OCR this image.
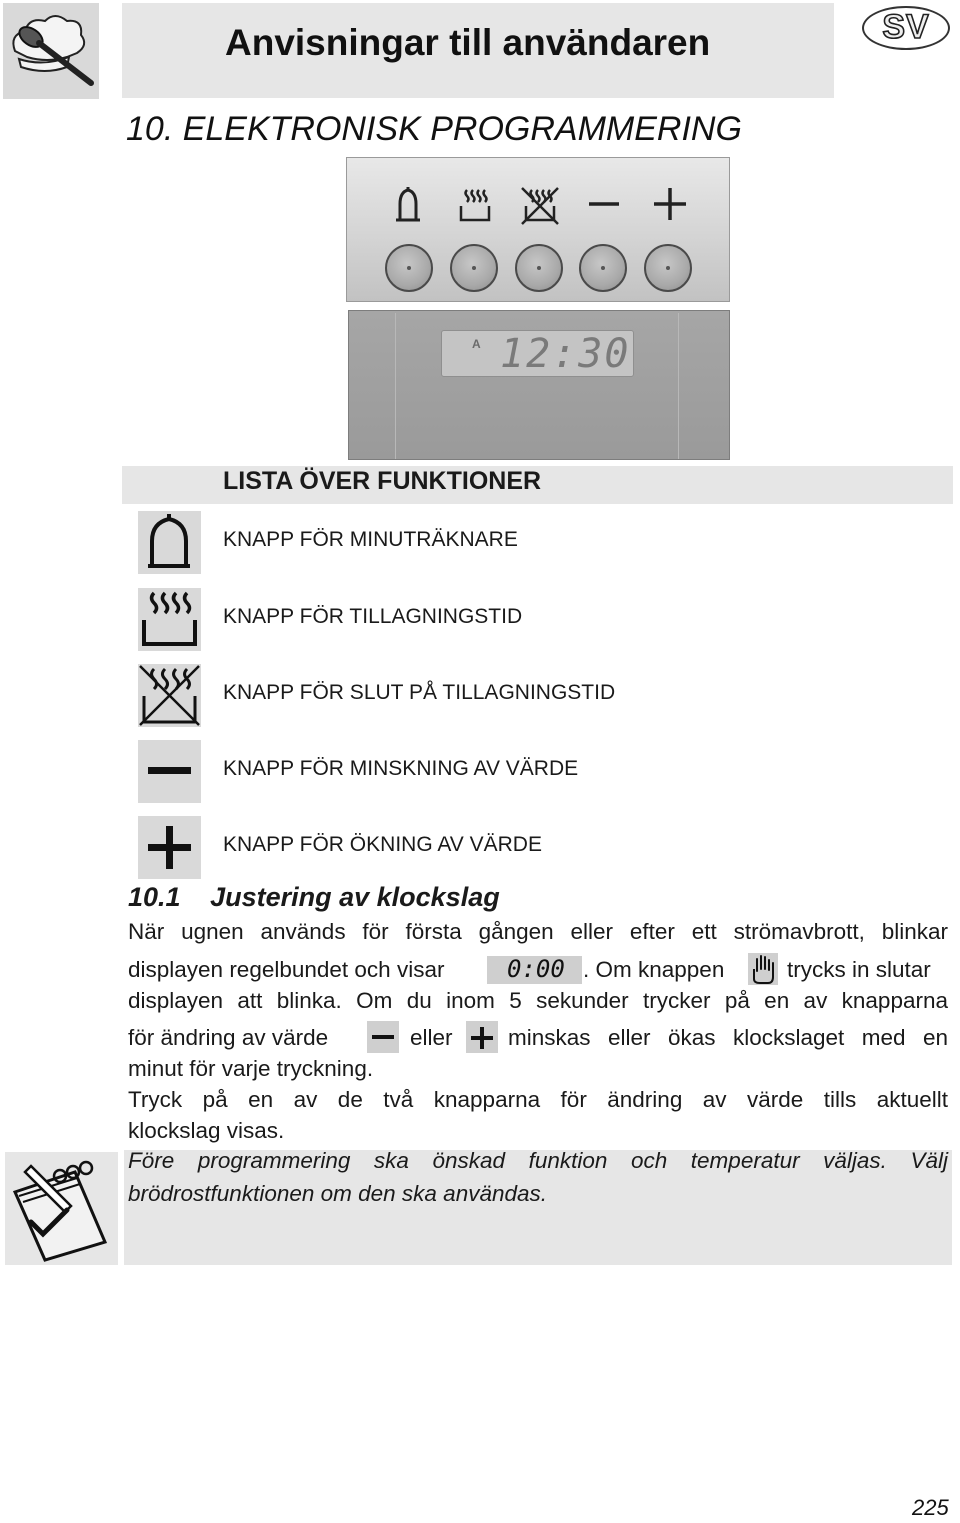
Anvisningar till användaren	SV
10. ELEKTRONISK PROGRAMMERING
A 12:30
LISTA ÖVER FUNKTIONER
KNAPP FÖR MINUTRÄKNARE
KNAPP FÖR TILLAGNINGSTID
KNAPP FÖR SLUT PÅ TILLAGNINGSTID
KNAPP FÖR MINSKNING AV VÄRDE
KNAPP FÖR ÖKNING AV VÄRDE
10.1 Justering av klockslag
När ugnen används för första gången eller efter ett strömavbrott, blinkar
displayen regelbundet och visar	0:00 . Om knappen	trycks in slutar
displayen att blinka. Om du inom 5 sekunder trycker på en av knapparna
för ändring av värde	eller minskas eller ökas klockslaget med en
minut för varje tryckning.
Tryck på en av de två knapparna för ändring av värde tills aktuellt
klockslag visas.
Före programmering ska önskad funktion och temperatur väljas. Välj
brödrostfunktionen om den ska användas.
225
